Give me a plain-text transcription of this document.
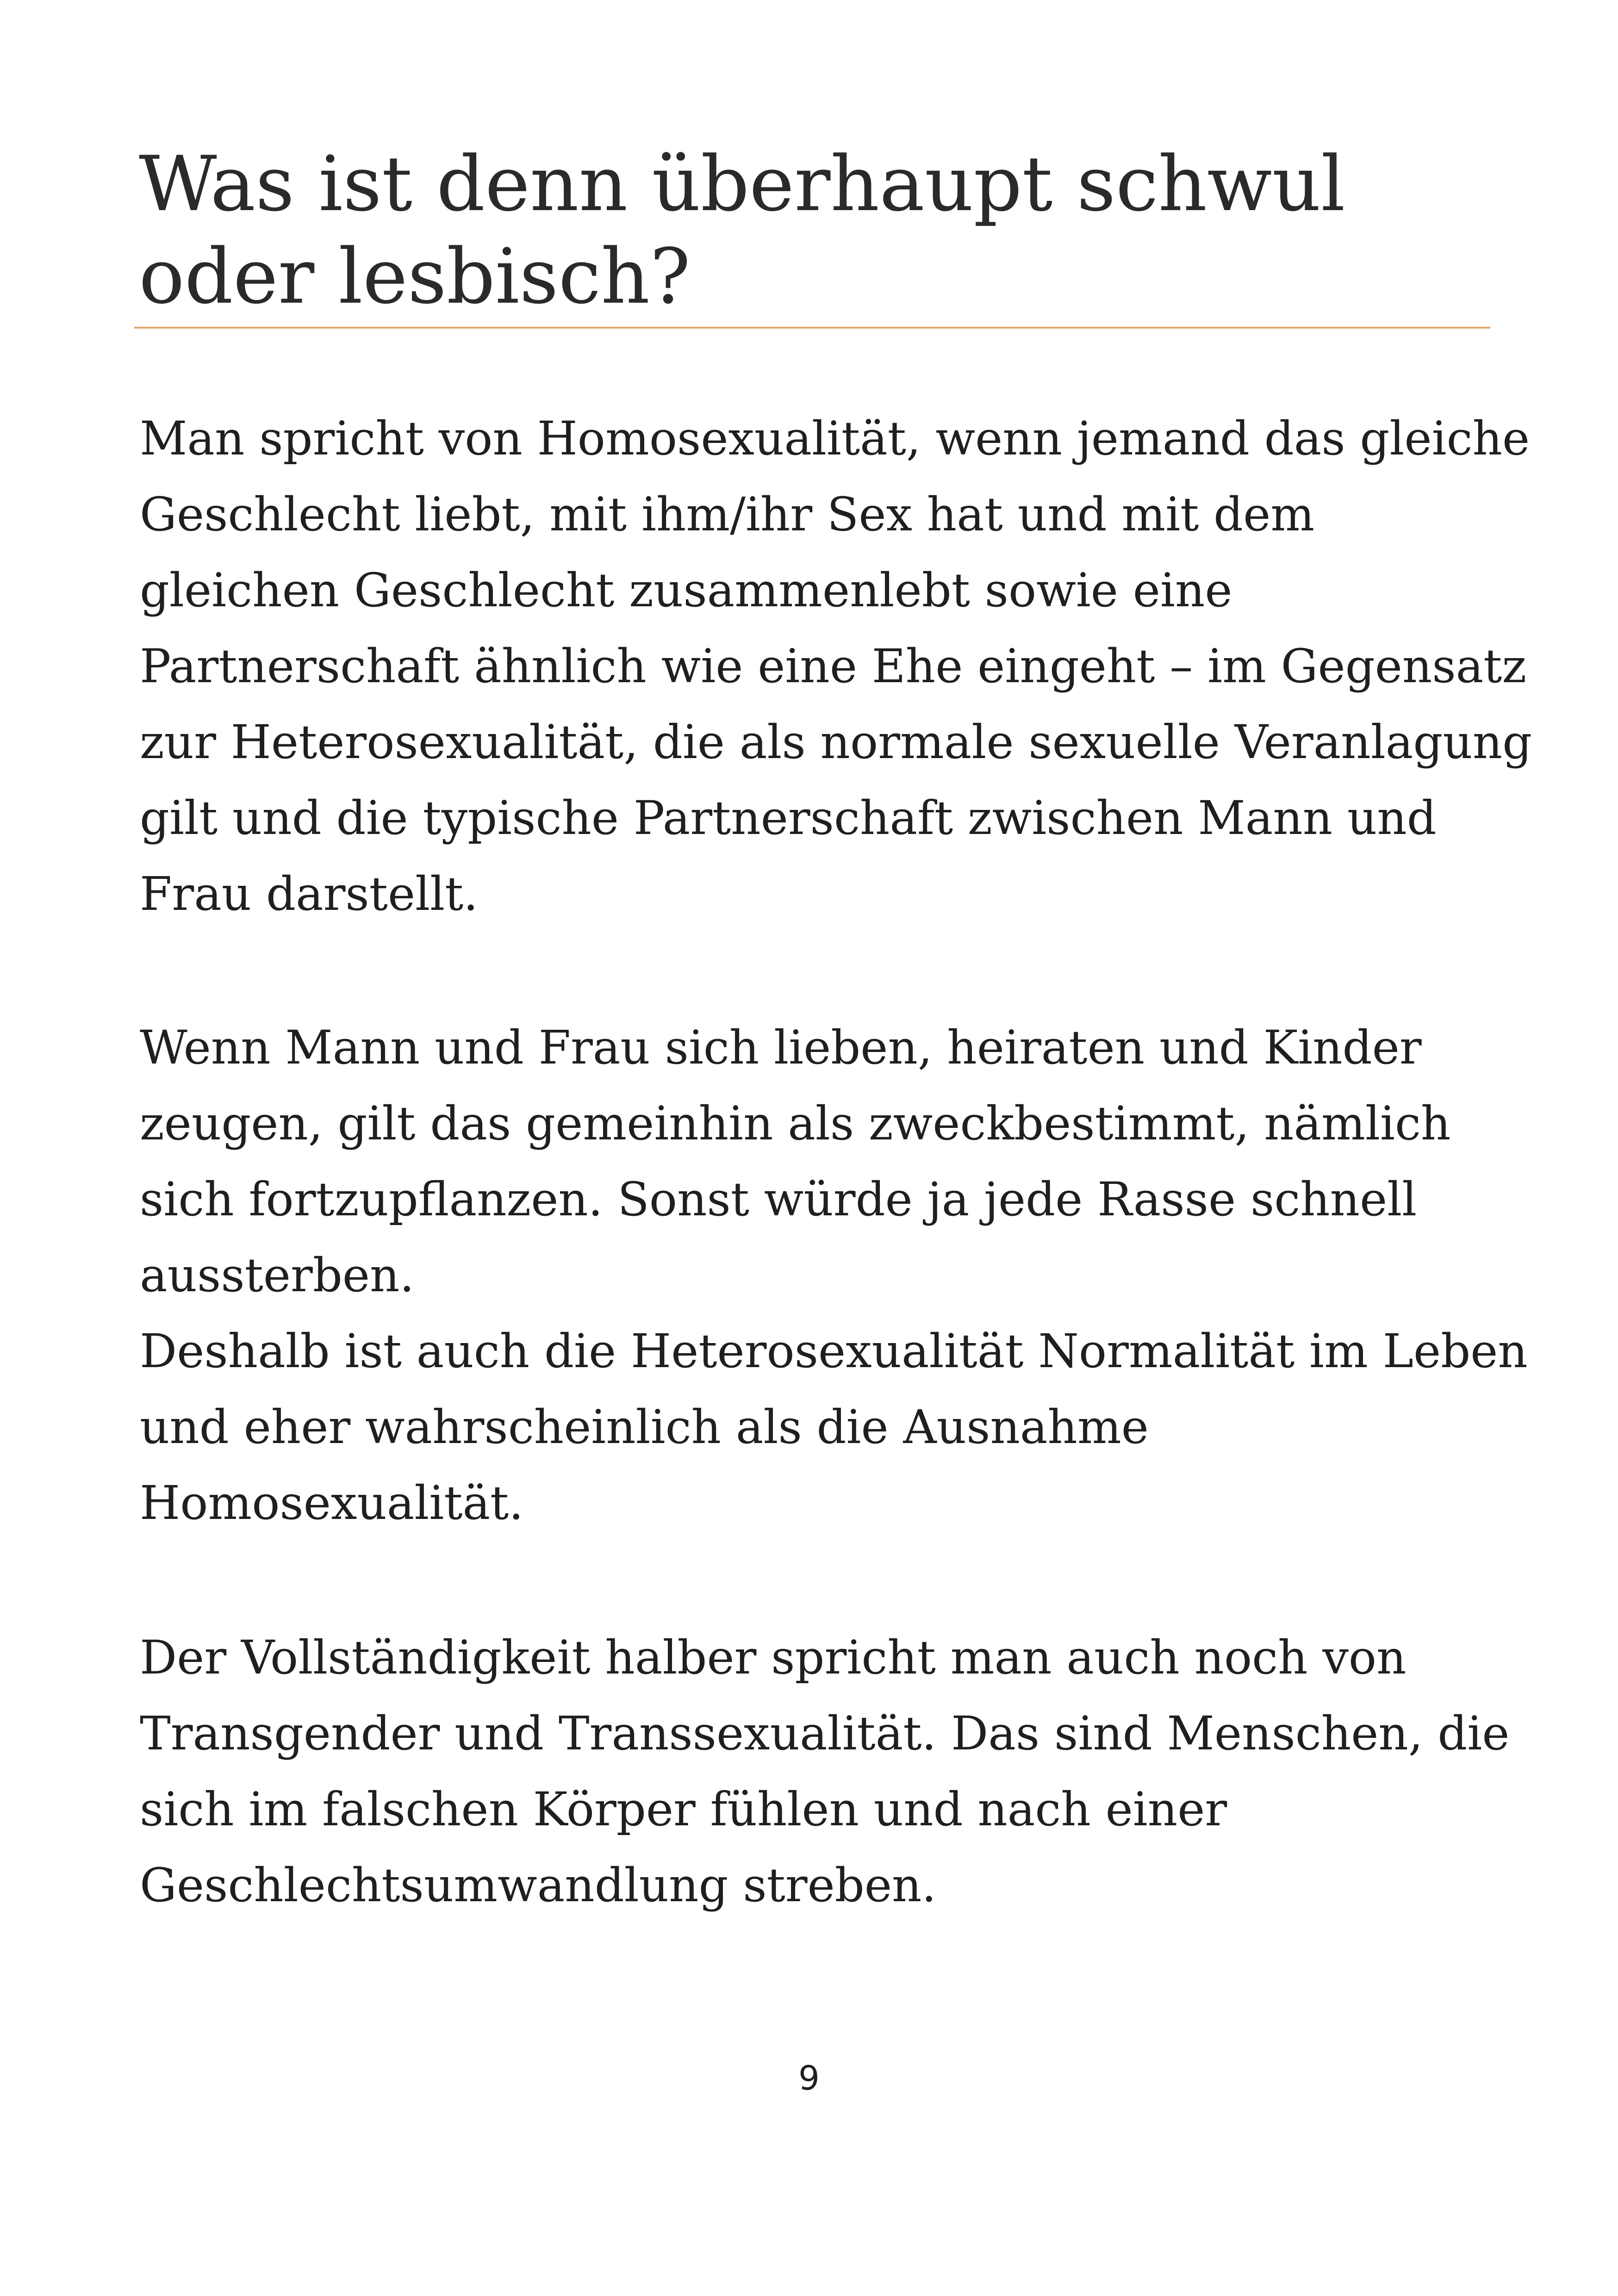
Was ist denn überhaupt schwul
oder lesbisch?
Man spricht von Homosexualität, wenn jemand das gleiche
Geschlecht liebt, mit ihm/ihr Sex hat und mit dem
gleichen Geschlecht zusammenlebt sowie eine
Partnerschaft ähnlich wie eine Ehe eingeht – im Gegensatz
zur Heterosexualität, die als normale sexuelle Veranlagung
gilt und die typische Partnerschaft zwischen Mann und
Frau darstellt.
Wenn Mann und Frau sich lieben, heiraten und Kinder
zeugen, gilt das gemeinhin als zweckbestimmt, nämlich
sich fortzupflanzen. Sonst würde ja jede Rasse schnell
aussterben.
Deshalb ist auch die Heterosexualität Normalität im Leben
und eher wahrscheinlich als die Ausnahme
Homosexualität.
Der Vollständigkeit halber spricht man auch noch von
Transgender und Transsexualität. Das sind Menschen, die
sich im falschen Körper fühlen und nach einer
Geschlechtsumwandlung streben.
9
